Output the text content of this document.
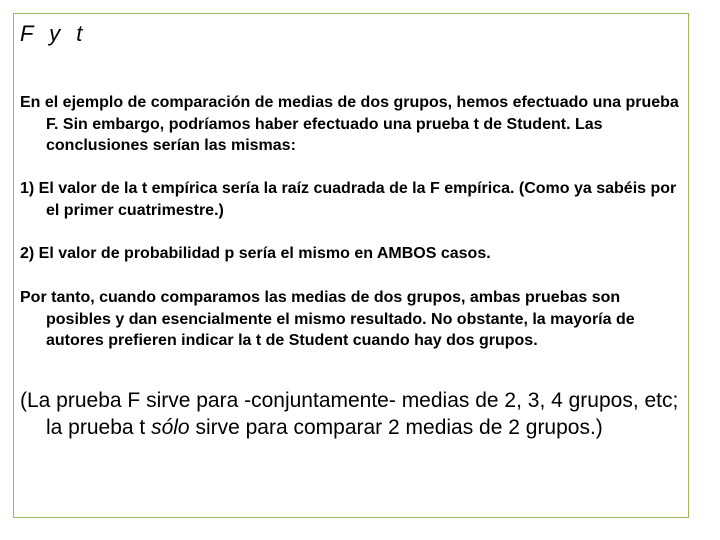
F y t
En el ejemplo de comparación de medias de dos grupos, hemos efectuado una prueba F. Sin embargo, podríamos haber efectuado una prueba t de Student. Las conclusiones serían las mismas:
1) El valor de la t empírica sería la raíz cuadrada de la F empírica. (Como ya sabéis por el primer cuatrimestre.)
2) El valor de probabilidad p sería el mismo en AMBOS casos.
Por tanto, cuando comparamos las medias de dos grupos, ambas pruebas son posibles y dan esencialmente el mismo resultado. No obstante, la mayoría de autores prefieren indicar la t de Student cuando hay dos grupos.
(La prueba F sirve para -conjuntamente- medias de 2, 3, 4 grupos, etc; la prueba t sólo sirve para comparar 2 medias de 2 grupos.)
